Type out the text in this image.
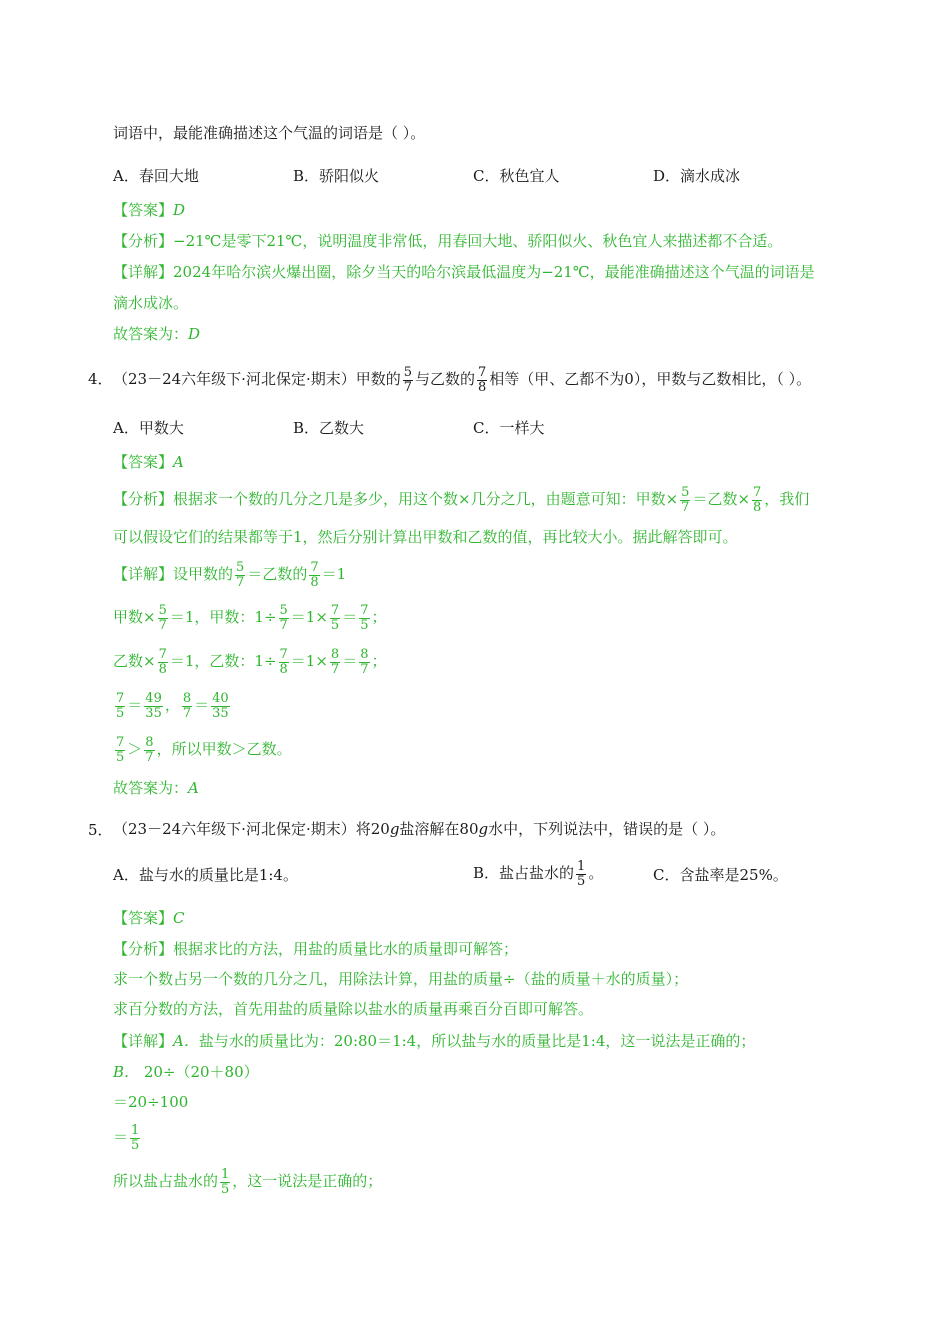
词语中，最能准确描述这个气温的词语是（ ）。
A．春回大地	B．骄阳似火	C．秋色宜人	D．滴水成冰
【答案】D
【分析】−21℃是零下21℃，说明温度非常低，用春回大地、骄阳似火、秋色宜人来描述都不合适。
【详解】2024年哈尔滨火爆出圈，除夕当天的哈尔滨最低温度为−21℃，最能准确描述这个气温的词语是
滴水成冰。
故答案为：D
4． （23－24六年级下·河北保定·期末）甲数的 $\frac{5}{7}$ 与乙数的 $\frac{7}{8}$ 相等（甲、乙都不为0），甲数与乙数相比，（ ）。
A．甲数大	B．乙数大	C．一样大
【答案】A
【分析】根据求一个数的几分之几是多少，用这个数×几分之几，由题意可知：甲数× $\frac{5}{7}$ ＝乙数× $\frac{7}{8}$ ，我们
可以假设它们的结果都等于1，然后分别计算出甲数和乙数的值，再比较大小。据此解答即可。
【详解】设甲数的 $\frac{5}{7}$ ＝乙数的 $\frac{7}{8} =1$
甲数× $\frac{5}{7} =1$，甲数：$1\div \frac{5}{7} =1\times \frac{7}{5} = \frac{7}{5}$ ；
乙数× $\frac{7}{8} =1$，乙数：$1\div \frac{7}{8} =1\times \frac{8}{7} = \frac{8}{7}$ ；
$\frac{7}{5} = \frac{49}{35}$ ， $\frac{8}{7} = \frac{40}{35}$
$\frac{7}{5} > \frac{8}{7}$ ，所以甲数＞乙数。
故答案为：A
5． （23－24六年级下·河北保定·期末）将20g盐溶解在80g水中，下列说法中，错误的是（ ）。
A．盐与水的质量比是1:4。	B．盐占盐水的 $\frac{1}{5}$ 。	C．含盐率是25%。
【答案】C
【分析】根据求比的方法，用盐的质量比水的质量即可解答；
求一个数占另一个数的几分之几，用除法计算，用盐的质量÷（盐的质量＋水的质量）；
求百分数的方法，首先用盐的质量除以盐水的质量再乘百分百即可解答。
【详解】A．盐与水的质量比为：20:80＝1:4，所以盐与水的质量比是1:4，这一说法是正确的；
B． 20÷（20＋80）
＝20÷100
＝ $\frac{1}{5}$
所以盐占盐水的 $\frac{1}{5}$ ，这一说法是正确的；
